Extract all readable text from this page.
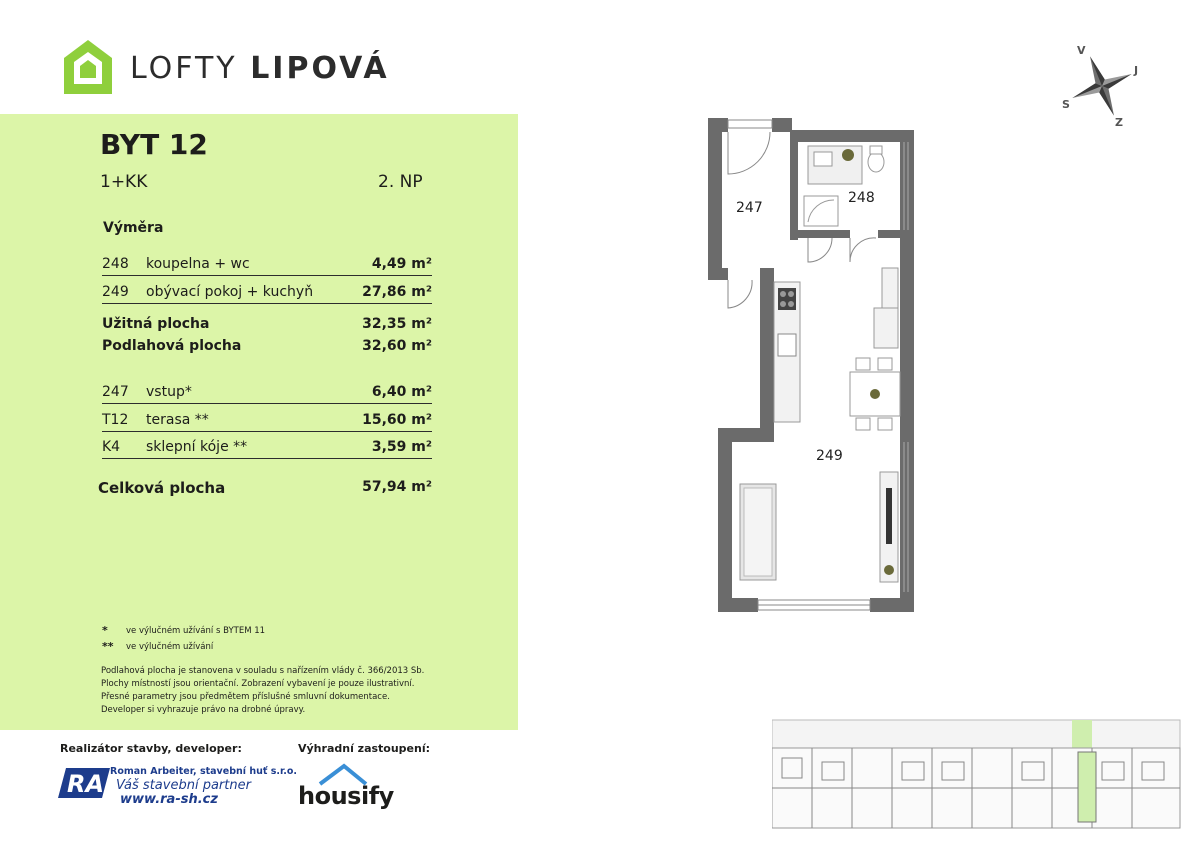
LOFTY LIPOVÁ	V
J
Z
S
BYT 12
1+KK	2. NP
Výměra
248 koupelna + wc	4,49 m²
249 obývací pokoj + kuchyň	27,86 m²
Užitná plocha	32,35 m²
Podlahová plocha	32,60 m²
247 vstup*	6,40 m²
T12 terasa **	15,60 m²
K4 sklepní kóje **	3,59 m²
Celková plocha	57,94 m²
* ve výlučném užívání s BYTEM 11
** ve výlučném užívání
Podlahová plocha je stanovena v souladu s nařízením vlády č. 366/2013 Sb.
Plochy místností jsou orientační. Zobrazení vybavení je pouze ilustrativní.
Přesné parametry jsou předmětem příslušné smluvní dokumentace.
Developer si vyhrazuje právo na drobné úpravy.
Realizátor stavby, developer:	Výhradní zastoupení:
RA Roman Arbeiter, stavební huť s.r.o.
Váš stavební partner
www.ra-sh.cz	housify
247
248
249
